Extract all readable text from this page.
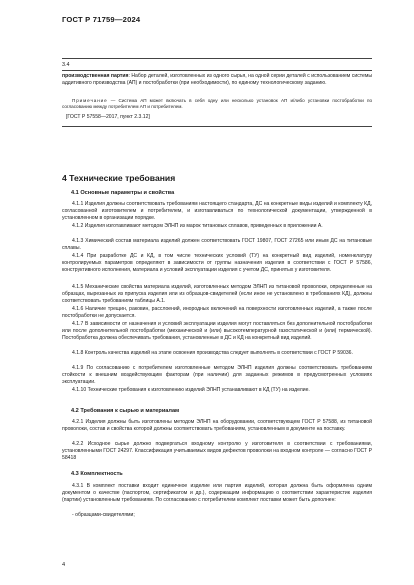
ГОСТ Р 71759—2024
3.4

производственная партия: Набор деталей, изготовленных из одного сырья, на одной серии деталей с использованием системы аддитивного производства (АП) и постобработки (при необходимости), по единому технологическому заданию.

Примечание — Система АП может включать в себя одну или несколько установок АП и/либо установки постобработки по согласованию между потребителем АП и потребителем.

[ГОСТ Р 57558—2017, пункт 2.3.12]

4 Технические требования
4.1 Основные параметры и свойства

4.1.1 Изделия должны соответствовать требованиям настоящего стандарта, ДС на конкретные виды изделий и комплекту КД, согласованной изготовителем и потребителем, и изготавливаться по технологической документации, утвержденной в установленном в организации порядке.

4.1.2 Изделия изготавливают методом ЭЛНП из марок титановых сплавов, приведенных в приложении А.

4.1.3 Химический состав материала изделий должен соответствовать ГОСТ 19807, ГОСТ 27265 или иным ДС на титановые сплавы.

4.1.4 При разработке ДС и КД, в том числе технических условий (ТУ) на конкретный вид изделий, номенклатуру контролируемых параметров определяют в зависимости от группы назначения изделия в соответствии с ГОСТ Р 57586, конструктивного исполнения, материала и условий эксплуатации изделия с учетом ДС, принятых у изготовителя.

4.1.5 Механические свойства материала изделий, изготовленных методом ЭЛНП из титановой проволоки, определенные на образцах, вырезанных из припуска изделия или из образцов-свидетелей (если иное не установлено в требованиях КД), должны соответствовать требованиям таблицы А.1.

4.1.6 Наличие трещин, раковин, расслоений, инородных включений на поверхности изготовленных изделий, а также после постобработки не допускается.

4.1.7 В зависимости от назначения и условий эксплуатации изделия могут поставляться без дополнительной постобработки или после дополнительной постобработки (механической и (или) высокотемпературной газостатической и (или) термической). Постобработка должна обеспечивать требования, установленные в ДС и КД на конкретный вид изделий.

4.1.8 Контроль качества изделий на этапе освоения производства следует выполнять в соответствии с ГОСТ Р 59036.

4.1.9 По согласованию с потребителем изготовленные методом ЭЛНП изделия должны соответствовать требованиям стойкости к внешним воздействующим факторам (при наличии) для заданных режимов в предусмотренных условиях эксплуатации.

4.1.10 Технические требования к изготовлению изделий ЭЛНП устанавливают в КД (ТУ) на изделие.

4.2 Требования к сырью и материалам

4.2.1 Изделия должны быть изготовлены методом ЭЛНП на оборудовании, соответствующем ГОСТ Р 57588, из титановой проволоки, состав и свойства которой должны соответствовать требованиям, установленным в документе на поставку.

4.2.2 Исходное сырье должно подвергаться входному контролю у изготовителя в соответствии с требованиями, установленными ГОСТ 24297. Классификация учитываемых видов дефектов проволоки на входном контроле — согласно ГОСТ Р 58418

4.3 Комплектность

4.3.1 В комплект поставки входит единичное изделие или партия изделий, которая должна быть оформлена одним документом о качестве (паспортом, сертификатом и др.), содержащим информацию о соответствии характеристик изделия (партии) установленным требованиям. По согласованию с потребителем комплект поставки может быть дополнен:

- образцами-свидетелями;

4
